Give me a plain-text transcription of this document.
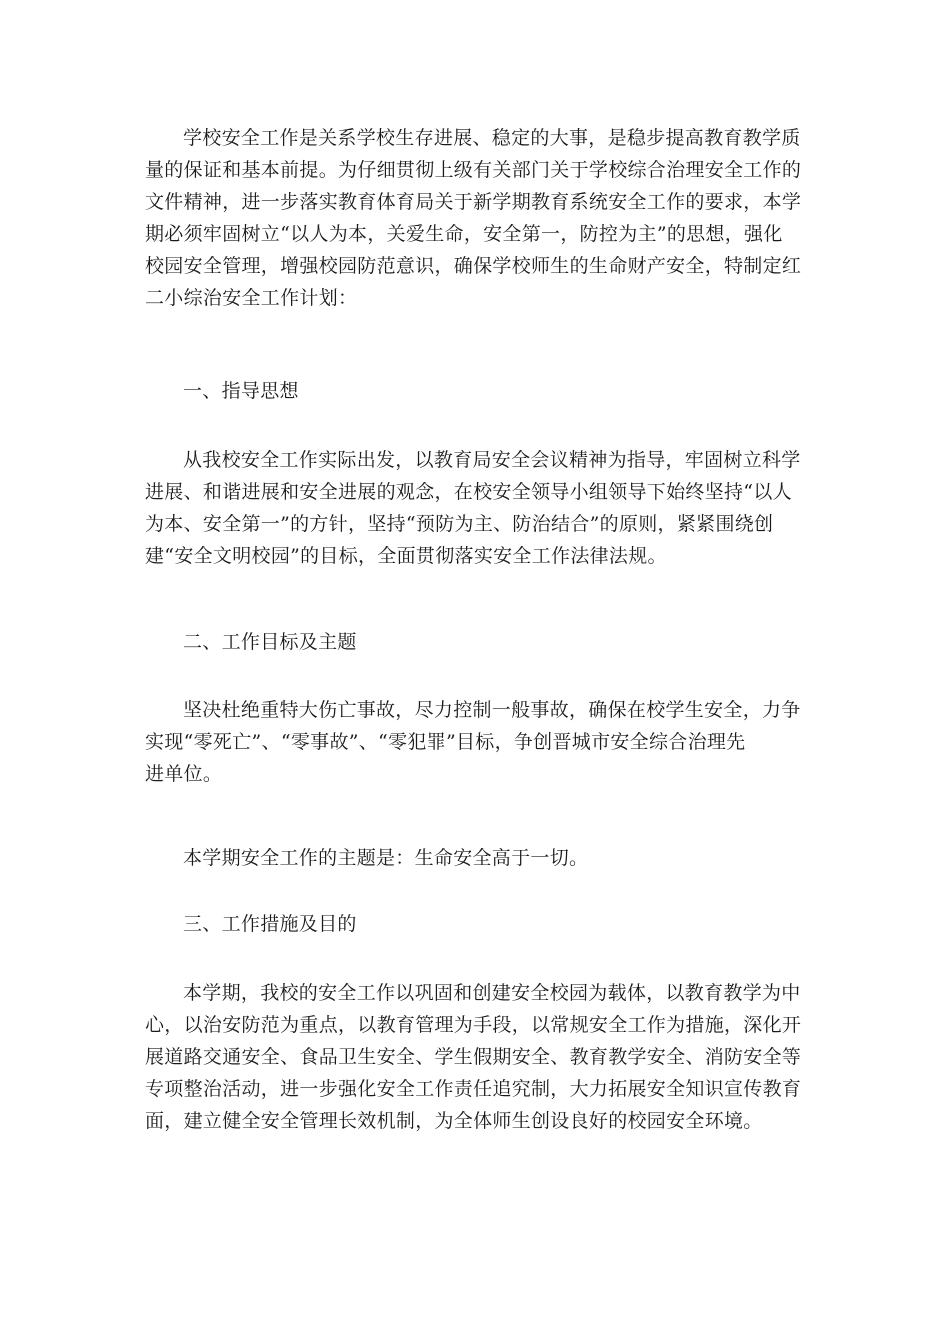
学校安全工作是关系学校生存进展、稳定的大事，是稳步提高教育教学质
量的保证和基本前提。为仔细贯彻上级有关部门关于学校综合治理安全工作的
文件精神，进一步落实教育体育局关于新学期教育系统安全工作的要求，本学
期必须牢固树立“以人为本，关爱生命，安全第一，防控为主”的思想，强化
校园安全管理，增强校园防范意识，确保学校师生的生命财产安全，特制定红
二小综治安全工作计划：
一、指导思想
从我校安全工作实际出发，以教育局安全会议精神为指导，牢固树立科学
进展、和谐进展和安全进展的观念，在校安全领导小组领导下始终坚持“以人
为本、安全第一”的方针，坚持“预防为主、防治结合”的原则，紧紧围绕创
建“安全文明校园”的目标，全面贯彻落实安全工作法律法规。
二、工作目标及主题
坚决杜绝重特大伤亡事故，尽力控制一般事故，确保在校学生安全，力争
实现“零死亡”、“零事故”、“零犯罪”目标，争创晋城市安全综合治理先
进单位。
本学期安全工作的主题是：生命安全高于一切。
三、工作措施及目的
本学期，我校的安全工作以巩固和创建安全校园为载体，以教育教学为中
心，以治安防范为重点，以教育管理为手段，以常规安全工作为措施，深化开
展道路交通安全、食品卫生安全、学生假期安全、教育教学安全、消防安全等
专项整治活动，进一步强化安全工作责任追究制，大力拓展安全知识宣传教育
面，建立健全安全管理长效机制，为全体师生创设良好的校园安全环境。
